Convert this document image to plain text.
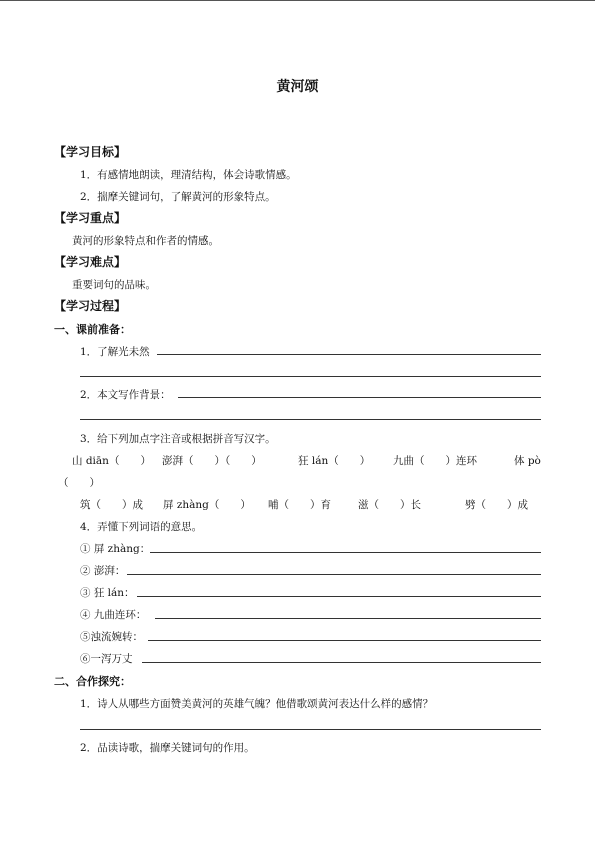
黄河颂
【学习目标】
1．有感情地朗读，理清结构，体会诗歌情感。
2．揣摩关键词句，了解黄河的形象特点。
【学习重点】
黄河的形象特点和作者的情感。
【学习难点】
重要词句的品味。
【学习过程】
一、课前准备：
1．了解光未然
2．本文写作背景：
3．给下列加点字注音或根据拼音写汉字。
山 diān（　　） 澎湃（　　）（　　）	狂 lán（　　） 九曲（　　）连环	体 pò
（　　）
筑（　　）成 屏 zhàng（　　） 哺（　　）育	滋（　　）长	劈（　　）成
4．弄懂下列词语的意思。
① 屏 zhàng：
② 澎湃：
③ 狂 lán：
④ 九曲连环：
⑤浊流婉转：
⑥一泻万丈
二、合作探究：
1．诗人从哪些方面赞美黄河的英雄气魄？他借歌颂黄河表达什么样的感情？
2．品读诗歌，揣摩关键词句的作用。
